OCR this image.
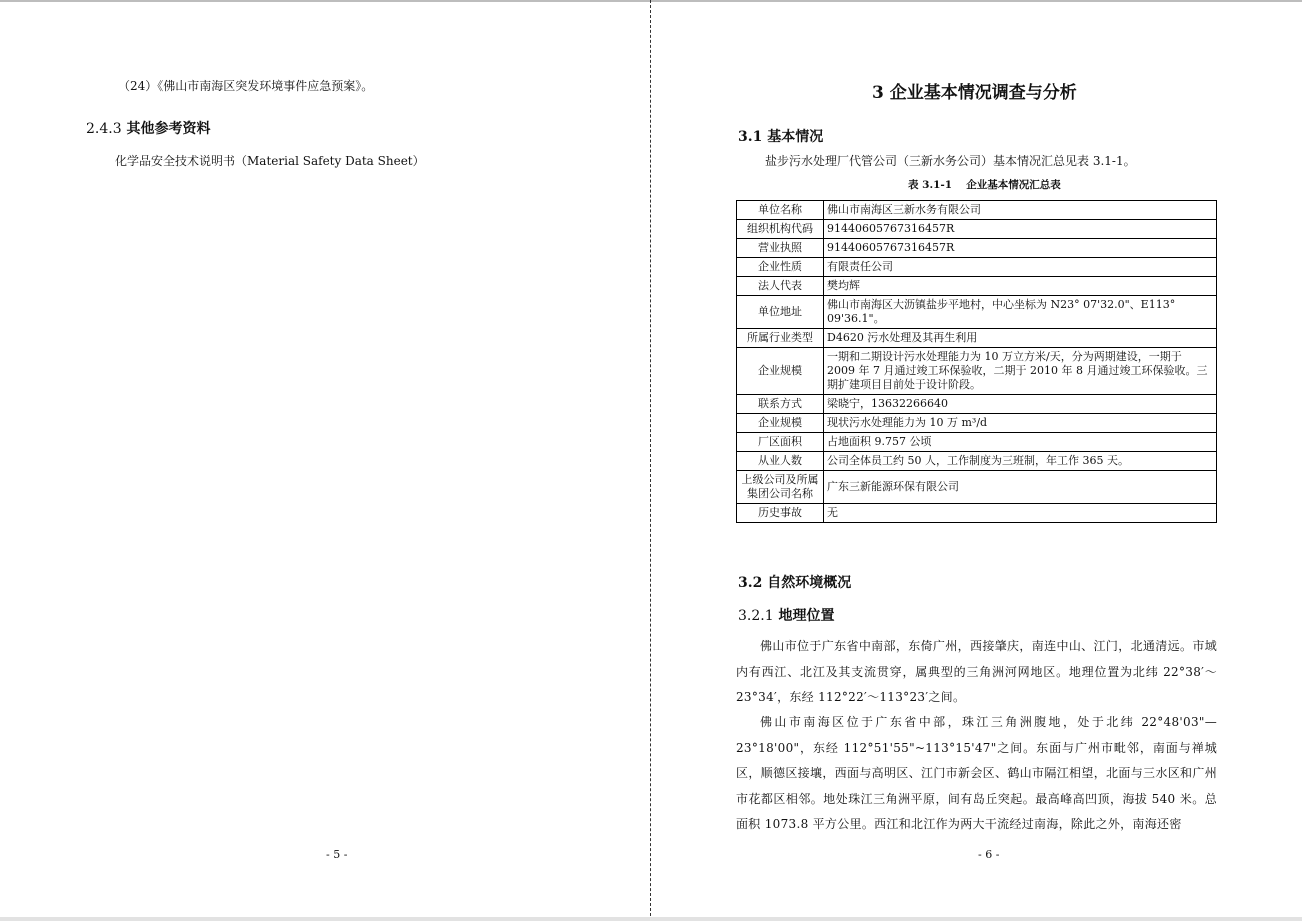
（24）《佛山市南海区突发环境事件应急预案》。
2.4.3 其他参考资料
化学品安全技术说明书（Material Safety Data Sheet）
- 5 -
3 企业基本情况调查与分析
3.1 基本情况
盐步污水处理厂代管公司（三新水务公司）基本情况汇总见表 3.1-1。
表 3.1-1　 企业基本情况汇总表
单位名称	佛山市南海区三新水务有限公司
组织机构代码	91440605767316457R
营业执照	91440605767316457R
企业性质	有限责任公司
法人代表	樊均辉
单位地址	佛山市南海区大沥镇盐步平地村，中心坐标为 N23° 07'32.0"、E113° 09'36.1"。
所属行业类型	D4620 污水处理及其再生利用
企业规模	一期和二期设计污水处理能力为 10 万立方米/天，分为两期建设，一期于 2009 年 7 月通过竣工环保验收，二期于 2010 年 8 月通过竣工环保验收。三期扩建项目目前处于设计阶段。
联系方式	梁晓宁，13632266640
企业规模	现状污水处理能力为 10 万 m³/d
厂区面积	占地面积 9.757 公顷
从业人数	公司全体员工约 50 人，工作制度为三班制，年工作 365 天。
上级公司及所属集团公司名称	广东三新能源环保有限公司
历史事故	无
3.2 自然环境概况
3.2.1 地理位置
佛山市位于广东省中南部，东倚广州，西接肇庆，南连中山、江门，北通清远。市域内有西江、北江及其支流贯穿，属典型的三角洲河网地区。地理位置为北纬 22°38′～23°34′，东经 112°22′～113°23′之间。
佛山市南海区位于广东省中部，珠江三角洲腹地，处于北纬 22°48'03"—23°18'00"，东经 112°51'55"~113°15'47"之间。东面与广州市毗邻，南面与禅城区，顺德区接壤，西面与高明区、江门市新会区、鹤山市隔江相望，北面与三水区和广州市花都区相邻。地处珠江三角洲平原，间有岛丘突起。最高峰高凹顶，海拔 540 米。总面积 1073.8 平方公里。西江和北江作为两大干流经过南海，除此之外，南海还密
- 6 -
